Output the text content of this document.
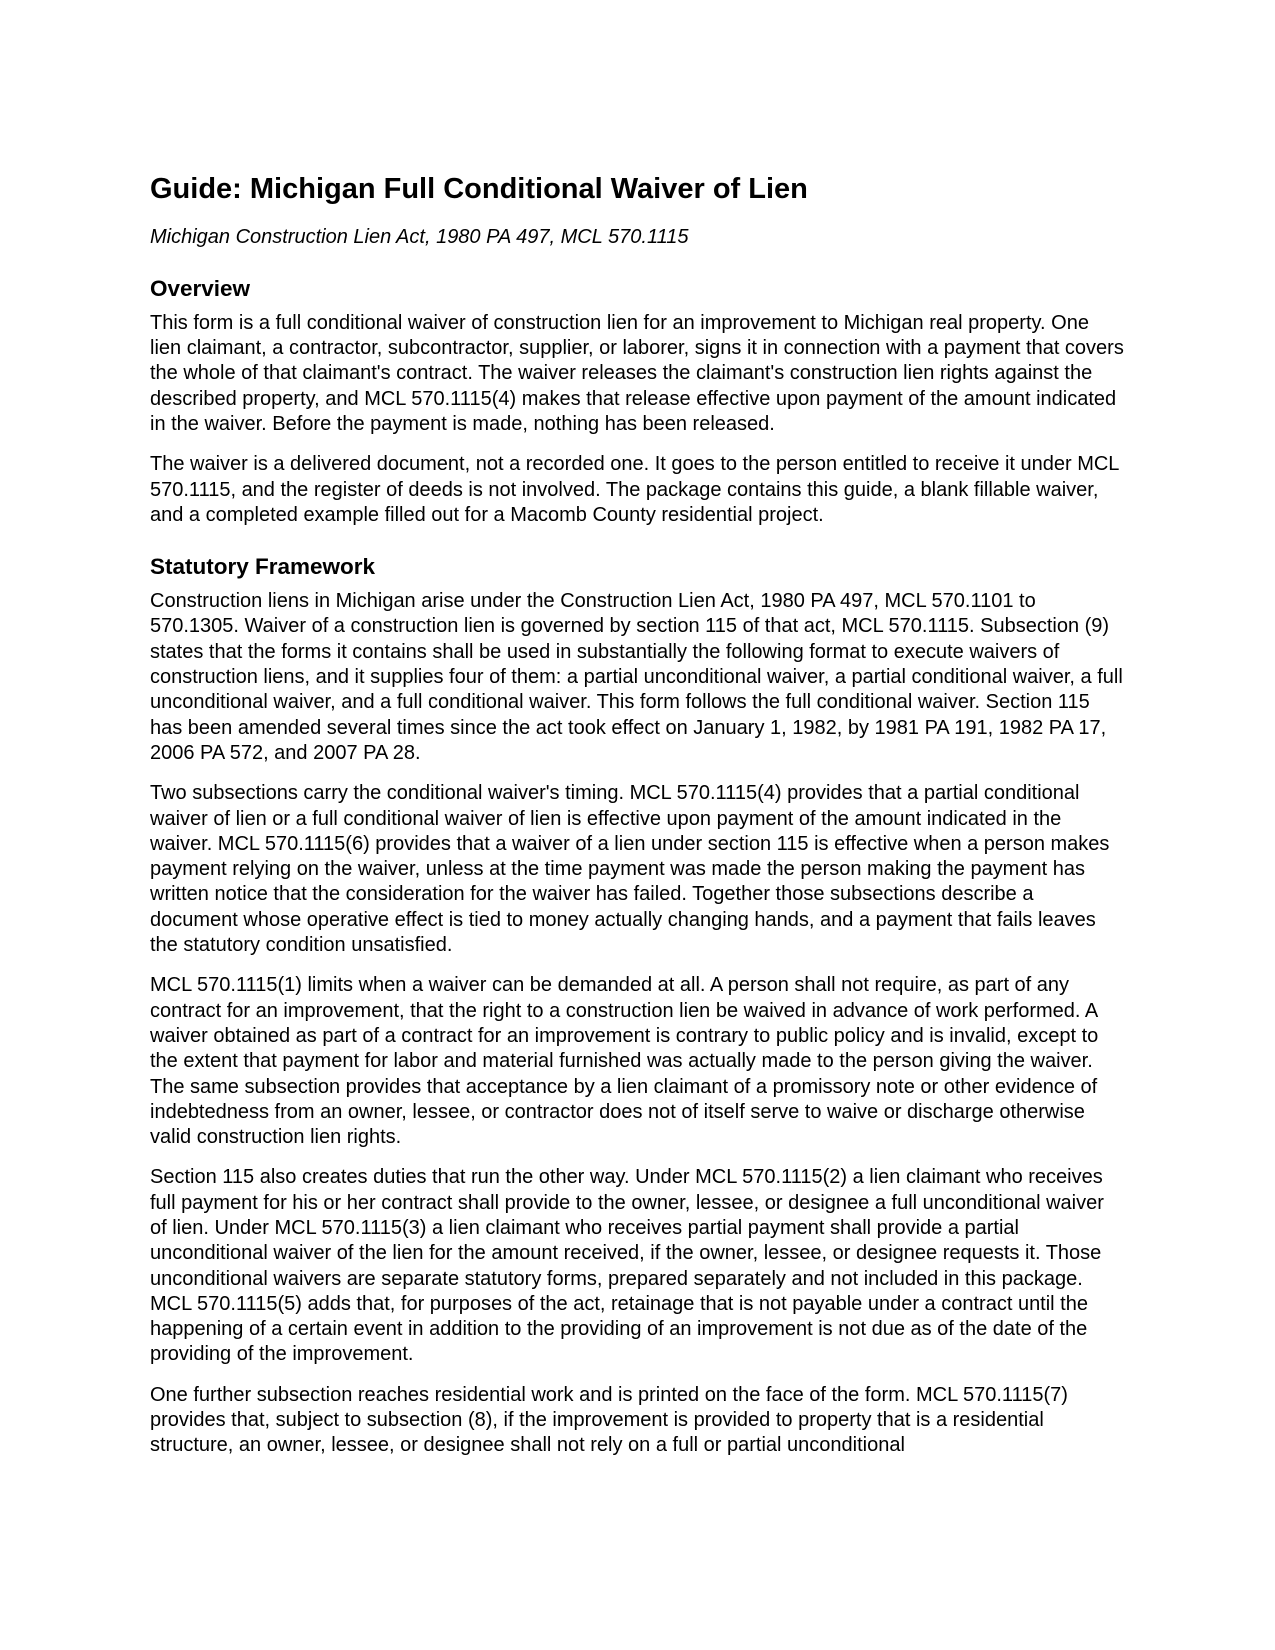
Guide: Michigan Full Conditional Waiver of Lien

Michigan Construction Lien Act, 1980 PA 497, MCL 570.1115

Overview

This form is a full conditional waiver of construction lien for an improvement to Michigan real property. One lien claimant, a contractor, subcontractor, supplier, or laborer, signs it in connection with a payment that covers the whole of that claimant's contract. The waiver releases the claimant's construction lien rights against the described property, and MCL 570.1115(4) makes that release effective upon payment of the amount indicated in the waiver. Before the payment is made, nothing has been released.

The waiver is a delivered document, not a recorded one. It goes to the person entitled to receive it under MCL 570.1115, and the register of deeds is not involved. The package contains this guide, a blank fillable waiver, and a completed example filled out for a Macomb County residential project.

Statutory Framework

Construction liens in Michigan arise under the Construction Lien Act, 1980 PA 497, MCL 570.1101 to 570.1305. Waiver of a construction lien is governed by section 115 of that act, MCL 570.1115. Subsection (9) states that the forms it contains shall be used in substantially the following format to execute waivers of construction liens, and it supplies four of them: a partial unconditional waiver, a partial conditional waiver, a full unconditional waiver, and a full conditional waiver. This form follows the full conditional waiver. Section 115 has been amended several times since the act took effect on January 1, 1982, by 1981 PA 191, 1982 PA 17, 2006 PA 572, and 2007 PA 28.

Two subsections carry the conditional waiver's timing. MCL 570.1115(4) provides that a partial conditional waiver of lien or a full conditional waiver of lien is effective upon payment of the amount indicated in the waiver. MCL 570.1115(6) provides that a waiver of a lien under section 115 is effective when a person makes payment relying on the waiver, unless at the time payment was made the person making the payment has written notice that the consideration for the waiver has failed. Together those subsections describe a document whose operative effect is tied to money actually changing hands, and a payment that fails leaves the statutory condition unsatisfied.

MCL 570.1115(1) limits when a waiver can be demanded at all. A person shall not require, as part of any contract for an improvement, that the right to a construction lien be waived in advance of work performed. A waiver obtained as part of a contract for an improvement is contrary to public policy and is invalid, except to the extent that payment for labor and material furnished was actually made to the person giving the waiver. The same subsection provides that acceptance by a lien claimant of a promissory note or other evidence of indebtedness from an owner, lessee, or contractor does not of itself serve to waive or discharge otherwise valid construction lien rights.

Section 115 also creates duties that run the other way. Under MCL 570.1115(2) a lien claimant who receives full payment for his or her contract shall provide to the owner, lessee, or designee a full unconditional waiver of lien. Under MCL 570.1115(3) a lien claimant who receives partial payment shall provide a partial unconditional waiver of the lien for the amount received, if the owner, lessee, or designee requests it. Those unconditional waivers are separate statutory forms, prepared separately and not included in this package. MCL 570.1115(5) adds that, for purposes of the act, retainage that is not payable under a contract until the happening of a certain event in addition to the providing of an improvement is not due as of the date of the providing of the improvement.

One further subsection reaches residential work and is printed on the face of the form. MCL 570.1115(7) provides that, subject to subsection (8), if the improvement is provided to property that is a residential structure, an owner, lessee, or designee shall not rely on a full or partial unconditional
